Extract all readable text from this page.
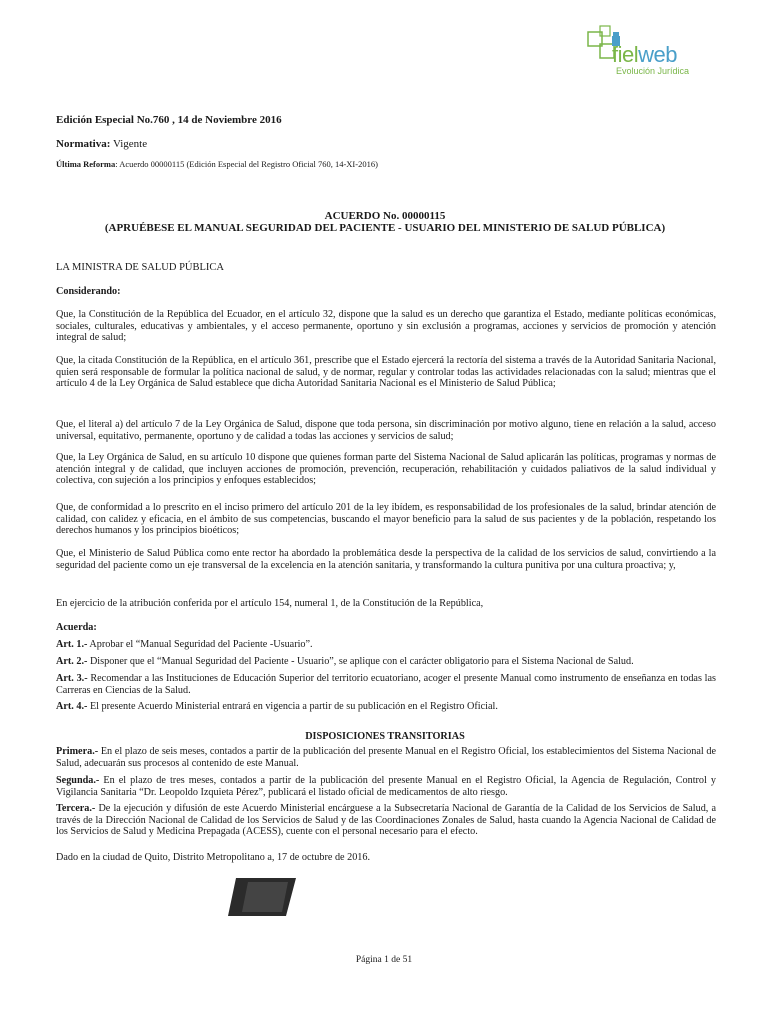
fielweb
Evolución Jurídica
Edición Especial No.760 , 14 de Noviembre 2016
Normativa: Vigente
Última Reforma: Acuerdo 00000115 (Edición Especial del Registro Oficial 760, 14-XI-2016)
ACUERDO No. 00000115
(APRUÉBESE EL MANUAL SEGURIDAD DEL PACIENTE - USUARIO DEL MINISTERIO DE SALUD PÚBLICA)
LA MINISTRA DE SALUD PÚBLICA
Considerando:
Que, la Constitución de la República del Ecuador, en el artículo 32, dispone que la salud es un derecho que garantiza el Estado, mediante políticas económicas, sociales, culturales, educativas y ambientales, y el acceso permanente, oportuno y sin exclusión a programas, acciones y servicios de promoción y atención integral de salud;
Que, la citada Constitución de la República, en el artículo 361, prescribe que el Estado ejercerá la rectoría del sistema a través de la Autoridad Sanitaria Nacional, quien será responsable de formular la política nacional de salud, y de normar, regular y controlar todas las actividades relacionadas con la salud; mientras que el artículo 4 de la Ley Orgánica de Salud establece que dicha Autoridad Sanitaria Nacional es el Ministerio de Salud Pública;
Que, el literal a) del artículo 7 de la Ley Orgánica de Salud, dispone que toda persona, sin discriminación por motivo alguno, tiene en relación a la salud, acceso universal, equitativo, permanente, oportuno y de calidad a todas las acciones y servicios de salud;
Que, la Ley Orgánica de Salud, en su artículo 10 dispone que quienes forman parte del Sistema Nacional de Salud aplicarán las políticas, programas y normas de atención integral y de calidad, que incluyen acciones de promoción, prevención, recuperación, rehabilitación y cuidados paliativos de la salud individual y colectiva, con sujeción a los principios y enfoques establecidos;
Que, de conformidad a lo prescrito en el inciso primero del artículo 201 de la ley ibídem, es responsabilidad de los profesionales de la salud, brindar atención de calidad, con calidez y eficacia, en el ámbito de sus competencias, buscando el mayor beneficio para la salud de sus pacientes y de la población, respetando los derechos humanos y los principios bioéticos;
Que, el Ministerio de Salud Pública como ente rector ha abordado la problemática desde la perspectiva de la calidad de los servicios de salud, convirtiendo a la seguridad del paciente como un eje transversal de la excelencia en la atención sanitaria, y transformando la cultura punitiva por una cultura proactiva; y,
En ejercicio de la atribución conferida por el artículo 154, numeral 1, de la Constitución de la República,
Acuerda:
Art. 1.- Aprobar el “Manual Seguridad del Paciente -Usuario”.
Art. 2.- Disponer que el “Manual Seguridad del Paciente - Usuario”, se aplique con el carácter obligatorio para el Sistema Nacional de Salud.
Art. 3.- Recomendar a las Instituciones de Educación Superior del territorio ecuatoriano, acoger el presente Manual como instrumento de enseñanza en todas las Carreras en Ciencias de la Salud.
Art. 4.- El presente Acuerdo Ministerial entrará en vigencia a partir de su publicación en el Registro Oficial.
DISPOSICIONES TRANSITORIAS
Primera.- En el plazo de seis meses, contados a partir de la publicación del presente Manual en el Registro Oficial, los establecimientos del Sistema Nacional de Salud, adecuarán sus procesos al contenido de este Manual.
Segunda.- En el plazo de tres meses, contados a partir de la publicación del presente Manual en el Registro Oficial, la Agencia de Regulación, Control y Vigilancia Sanitaria “Dr. Leopoldo Izquieta Pérez”, publicará el listado oficial de medicamentos de alto riesgo.
Tercera.- De la ejecución y difusión de este Acuerdo Ministerial encárguese a la Subsecretaría Nacional de Garantía de la Calidad de los Servicios de Salud, a través de la Dirección Nacional de Calidad de los Servicios de Salud y de las Coordinaciones Zonales de Salud, hasta cuando la Agencia Nacional de Calidad de los Servicios de Salud y Medicina Prepagada (ACESS), cuente con el personal necesario para el efecto.
Dado en la ciudad de Quito, Distrito Metropolitano a, 17 de octubre de 2016.
Página 1 de 51
